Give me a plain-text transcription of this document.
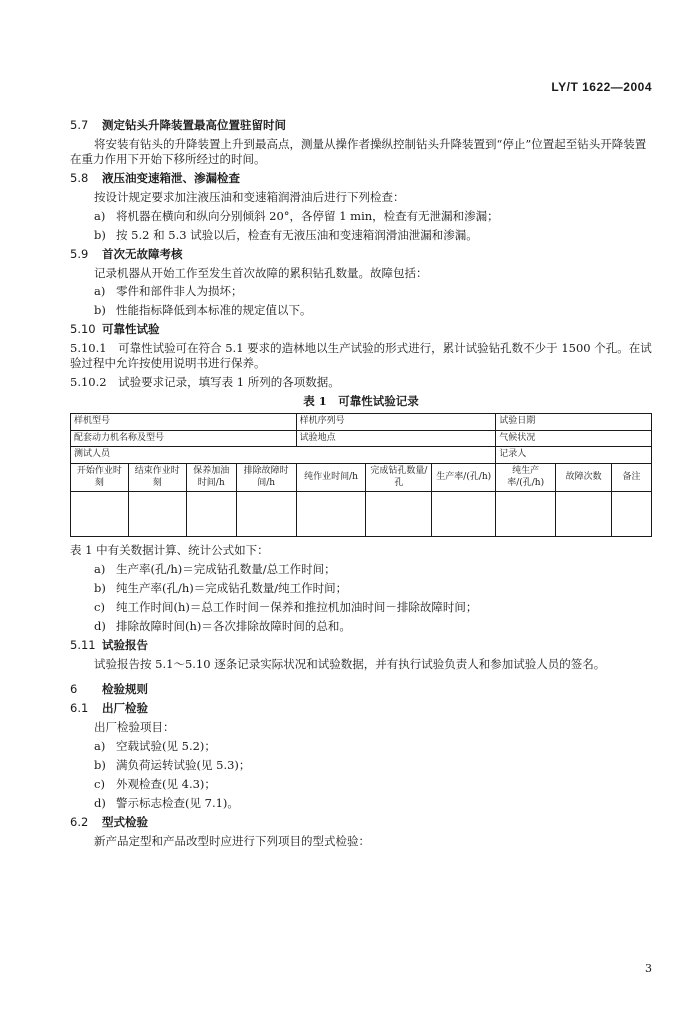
LY/T 1622—2004
5.7 测定钻头升降装置最高位置驻留时间
将安装有钻头的升降装置上升到最高点，测量从操作者操纵控制钻头升降装置到“停止”位置起至钻头开降装置在重力作用下开始下移所经过的时间。
5.8 液压油变速箱泄、渗漏检查
按设计规定要求加注液压油和变速箱润滑油后进行下列检查：
a) 将机器在横向和纵向分别倾斜 20°，各停留 1 min，检查有无泄漏和渗漏；
b) 按 5.2 和 5.3 试验以后，检查有无液压油和变速箱润滑油泄漏和渗漏。
5.9 首次无故障考核
记录机器从开始工作至发生首次故障的累积钻孔数量。故障包括：
a) 零件和部件非人为损坏；
b) 性能指标降低到本标准的规定值以下。
5.10 可靠性试验
5.10.1　 可靠性试验可在符合 5.1 要求的造林地以生产试验的形式进行，累计试验钻孔数不少于 1500 个孔。在试验过程中允许按使用说明书进行保养。
5.10.2　 试验要求记录，填写表 1 所列的各项数据。
表 1　可靠性试验记录
样机型号				样机序列号			试验日期		
配套动力机名称及型号				试验地点			气候状况		
测试人员							记录人		
开始作业时刻	结束作业时刻	保养加油时间/h	排除故障时间/h	纯作业时间/h	完成钻孔数量/孔	生产率/(孔/h)	纯生产率/(孔/h)	故障次数	备注

表 1 中有关数据计算、统计公式如下：
a) 生产率(孔/h)＝完成钻孔数量/总工作时间；
b) 纯生产率(孔/h)＝完成钻孔数量/纯工作时间；
c) 纯工作时间(h)＝总工作时间－保养和推拉机加油时间－排除故障时间；
d) 排除故障时间(h)＝各次排除故障时间的总和。
5.11 试验报告
试验报告按 5.1～5.10 逐条记录实际状况和试验数据，并有执行试验负责人和参加试验人员的签名。
6 检验规则
6.1 出厂检验
出厂检验项目：
a) 空载试验(见 5.2)；
b) 满负荷运转试验(见 5.3)；
c) 外观检查(见 4.3)；
d) 警示标志检查(见 7.1)。
6.2 型式检验
新产品定型和产品改型时应进行下列项目的型式检验：
3
